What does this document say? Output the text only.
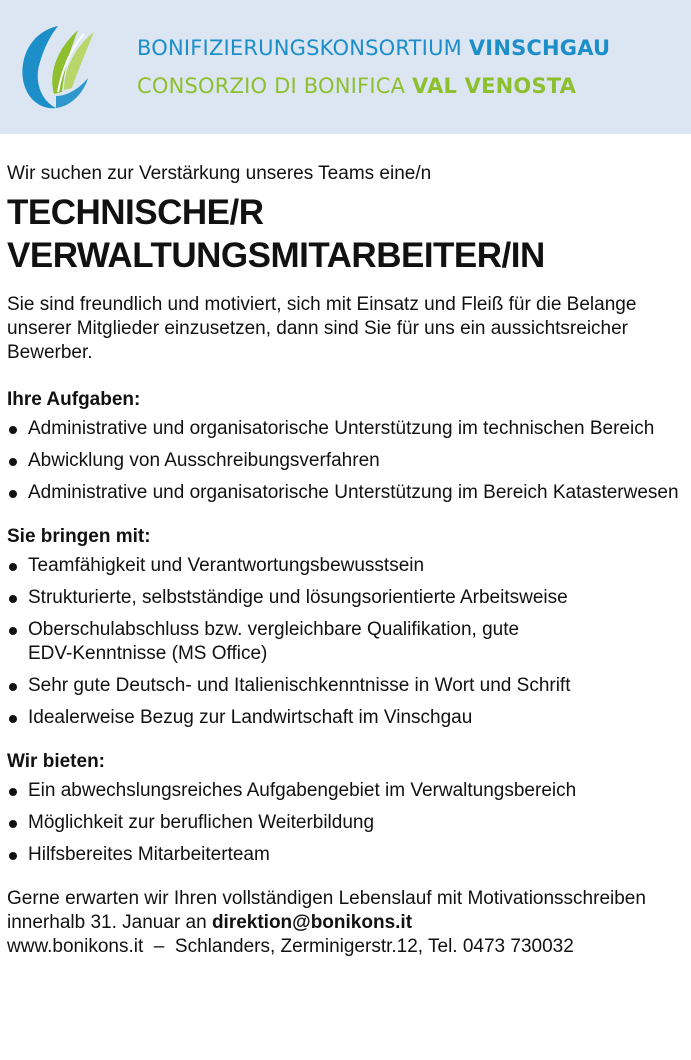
BONIFIZIERUNGSKONSORTIUM VINSCHGAU
CONSORZIO DI BONIFICA VAL VENOSTA

Wir suchen zur Verstärkung unseres Teams eine/n

TECHNISCHE/R
VERWALTUNGSMITARBEITER/IN

Sie sind freundlich und motiviert, sich mit Einsatz und Fleiß für die Belange unserer Mitglieder einzusetzen, dann sind Sie für uns ein aussichtsreicher Bewerber.

Ihre Aufgaben:
Administrative und organisatorische Unterstützung im technischen Bereich
Abwicklung von Ausschreibungsverfahren
Administrative und organisatorische Unterstützung im Bereich Katasterwesen
Sie bringen mit:
Teamfähigkeit und Verantwortungsbewusstsein
Strukturierte, selbstständige und lösungsorientierte Arbeitsweise
Oberschulabschluss bzw. vergleichbare Qualifikation, gute EDV-Kenntnisse (MS Office)
Sehr gute Deutsch- und Italienischkenntnisse in Wort und Schrift
Idealerweise Bezug zur Landwirtschaft im Vinschgau
Wir bieten:
Ein abwechslungsreiches Aufgabengebiet im Verwaltungsbereich
Möglichkeit zur beruflichen Weiterbildung
Hilfsbereites Mitarbeiterteam

Gerne erwarten wir Ihren vollständigen Lebenslauf mit Motivationsschreiben innerhalb 31. Januar an direktion@bonikons.it

www.bonikons.it  –  Schlanders, Zerminigerstr.12, Tel. 0473 730032
